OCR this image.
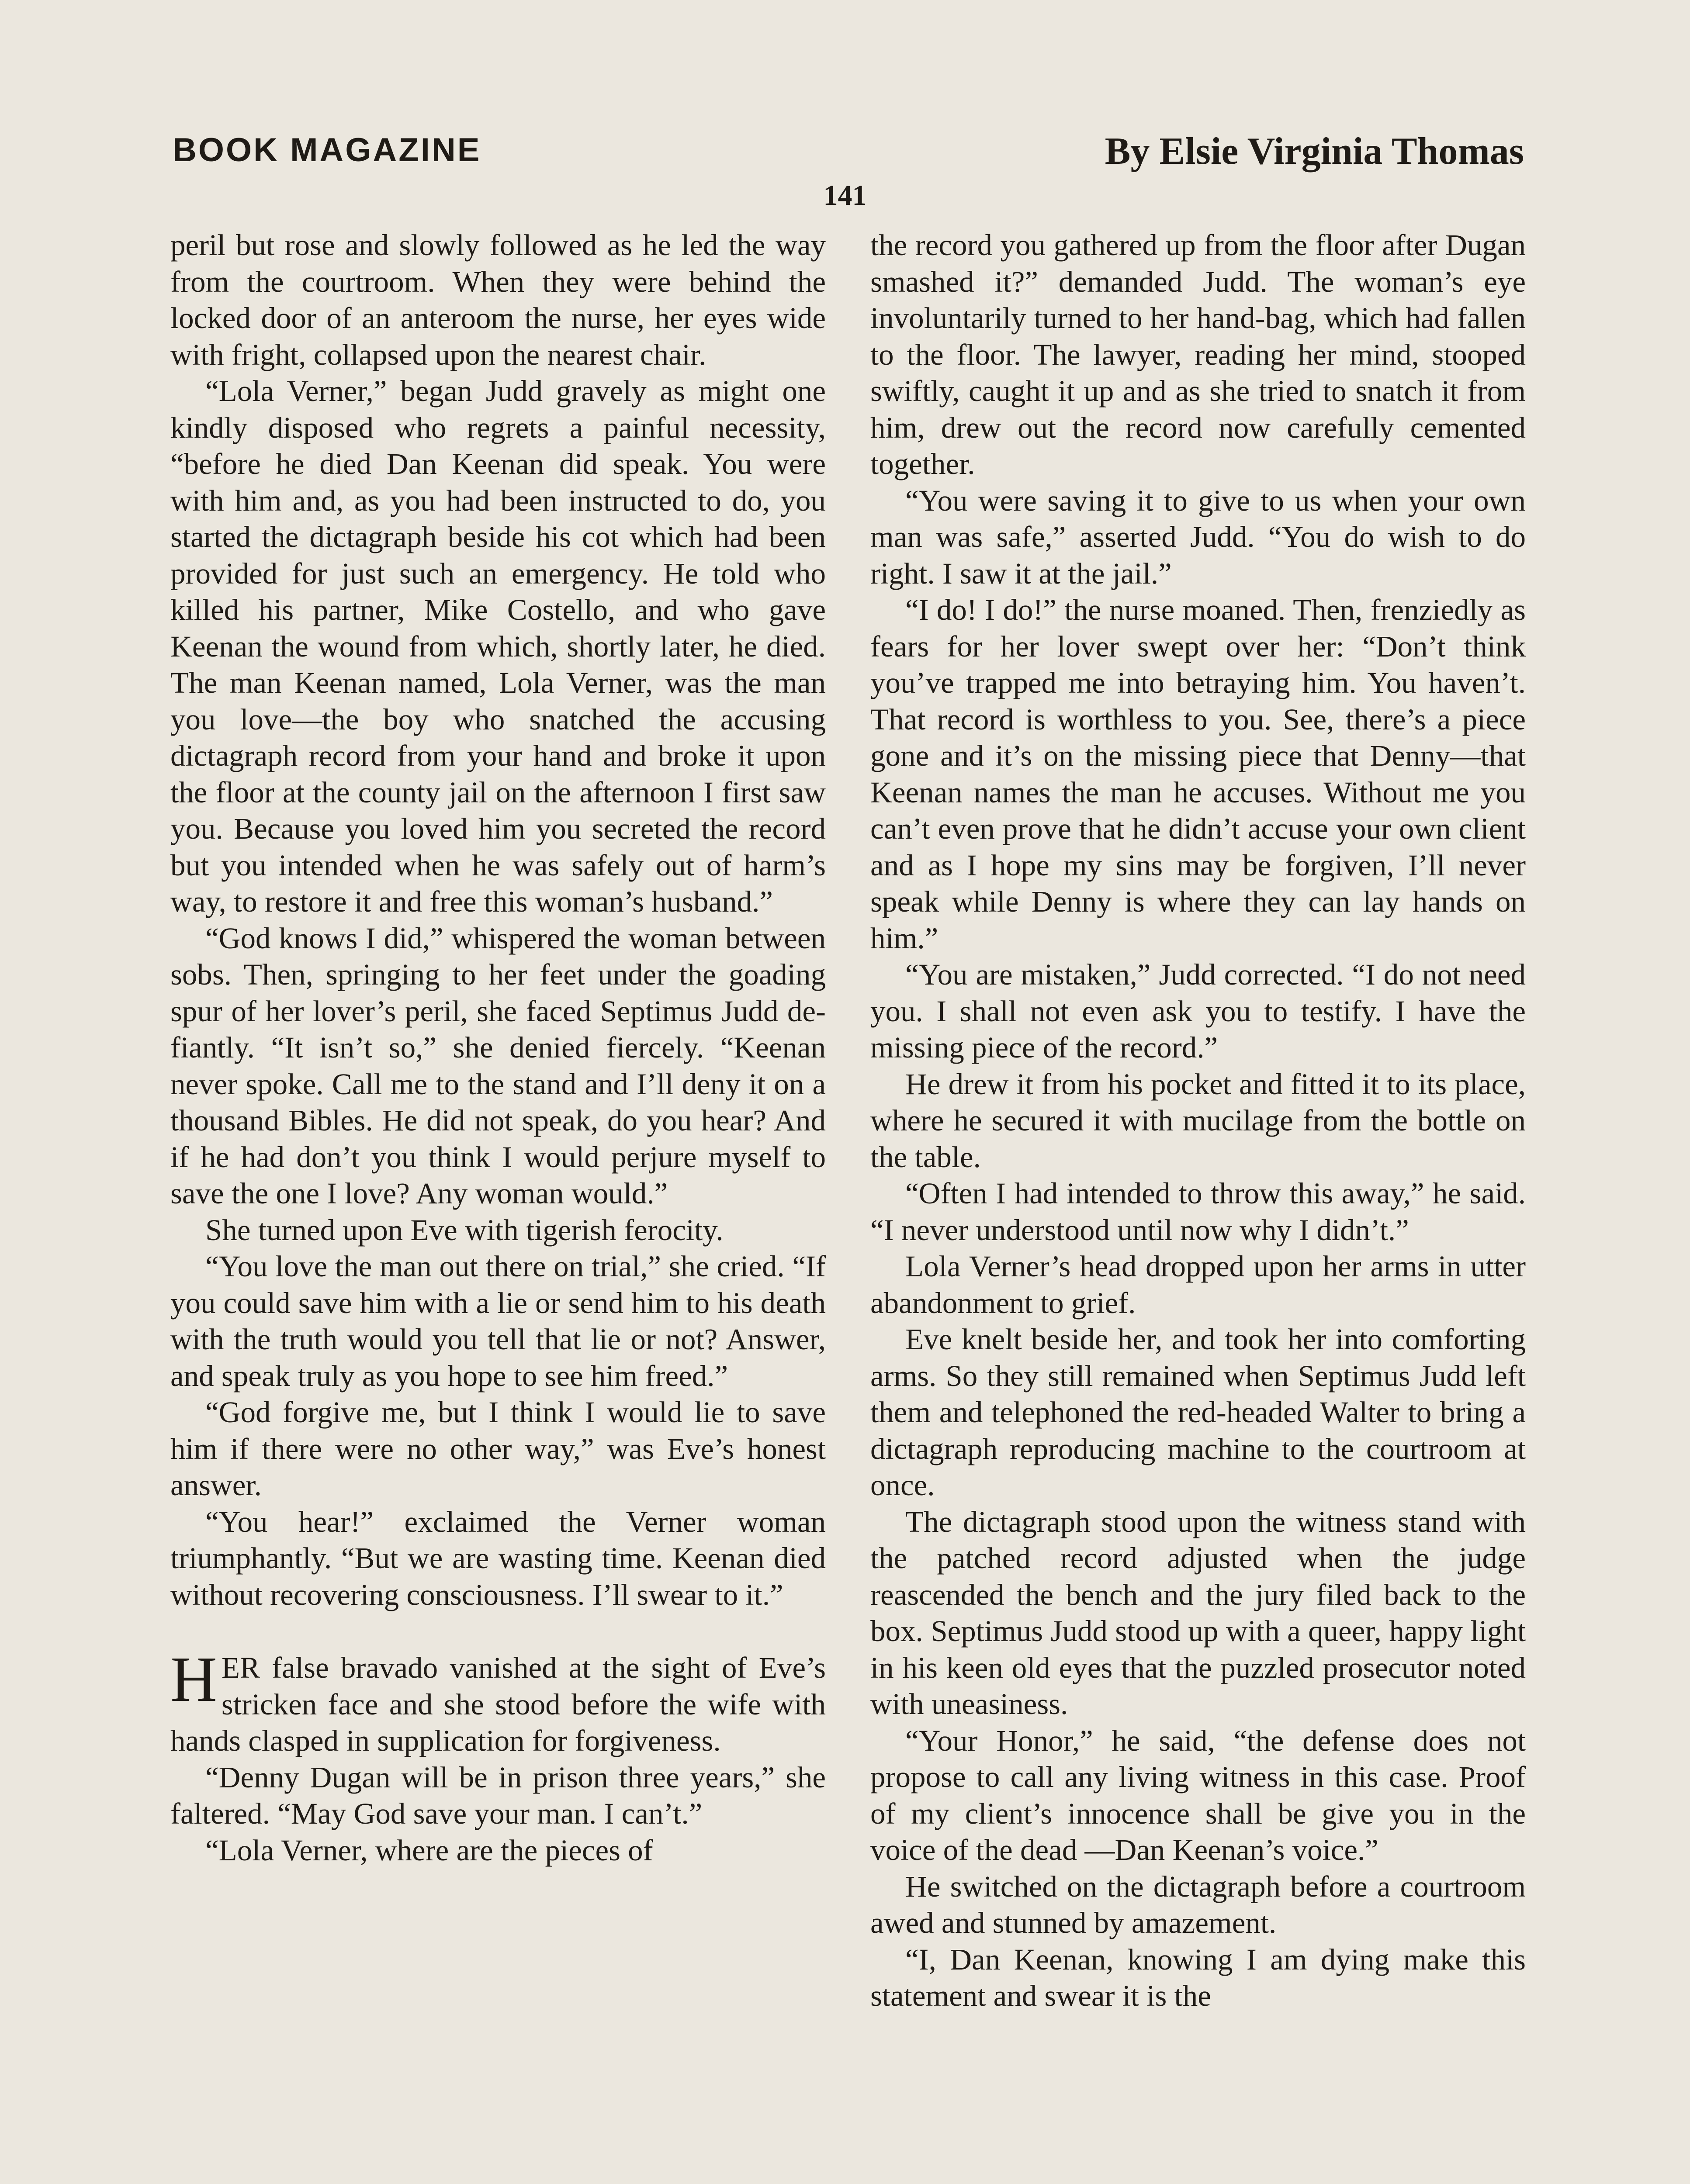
BOOK MAGAZINE	By Elsie Virginia Thomas
141

peril but rose and slowly followed as he led the way from the courtroom. When they were behind the locked door of an anteroom the nurse, her eyes wide with fright, collapsed upon the nearest chair.

“Lola Verner,” began Judd gravely as might one kindly disposed who regrets a painful necessity, “before he died Dan Keenan did speak. You were with him and, as you had been instructed to do, you started the dictagraph beside his cot which had been provided for just such an emergency. He told who killed his partner, Mike Costello, and who gave Keenan the wound from which, shortly later, he died. The man Keenan named, Lola Verner, was the man you love—the boy who snatched the accusing dictagraph record from your hand and broke it upon the floor at the county jail on the afternoon I first saw you. Because you loved him you secreted the record but you intended when he was safely out of harm’s way, to restore it and free this woman’s husband.”

“God knows I did,” whispered the woman between sobs. Then, springing to her feet under the goading spur of her lover’s peril, she faced Septimus Judd defiantly. “It isn’t so,” she denied fiercely. “Keenan never spoke. Call me to the stand and I’ll deny it on a thousand Bibles. He did not speak, do you hear? And if he had don’t you think I would perjure myself to save the one I love? Any woman would.”

She turned upon Eve with tigerish ferocity.

“You love the man out there on trial,” she cried. “If you could save him with a lie or send him to his death with the truth would you tell that lie or not? Answer, and speak truly as you hope to see him freed.”

“God forgive me, but I think I would lie to save him if there were no other way,” was Eve’s honest answer.

“You hear!” exclaimed the Verner woman triumphantly. “But we are wasting time. Keenan died without recovering consciousness. I’ll swear to it.”

HER false bravado vanished at the sight of Eve’s stricken face and she stood before the wife with hands clasped in supplication for forgiveness.

“Denny Dugan will be in prison three years,” she faltered. “May God save your man. I can’t.”

“Lola Verner, where are the pieces of

the record you gathered up from the floor after Dugan smashed it?” demanded Judd. The woman’s eye involuntarily turned to her hand-bag, which had fallen to the floor. The lawyer, reading her mind, stooped swiftly, caught it up and as she tried to snatch it from him, drew out the record now carefully cemented together.

“You were saving it to give to us when your own man was safe,” asserted Judd. “You do wish to do right. I saw it at the jail.”

“I do! I do!” the nurse moaned. Then, frenziedly as fears for her lover swept over her: “Don’t think you’ve trapped me into betraying him. You haven’t. That record is worthless to you. See, there’s a piece gone and it’s on the missing piece that Denny—that Keenan names the man he accuses. Without me you can’t even prove that he didn’t accuse your own client and as I hope my sins may be forgiven, I’ll never speak while Denny is where they can lay hands on him.”

“You are mistaken,” Judd corrected. “I do not need you. I shall not even ask you to testify. I have the missing piece of the record.”

He drew it from his pocket and fitted it to its place, where he secured it with mucilage from the bottle on the table.

“Often I had intended to throw this away,” he said. “I never understood until now why I didn’t.”

Lola Verner’s head dropped upon her arms in utter abandonment to grief.

Eve knelt beside her, and took her into comforting arms. So they still remained when Septimus Judd left them and telephoned the red-headed Walter to bring a dictagraph reproducing machine to the courtroom at once.

The dictagraph stood upon the witness stand with the patched record adjusted when the judge reascended the bench and the jury filed back to the box. Septimus Judd stood up with a queer, happy light in his keen old eyes that the puzzled prosecutor noted with uneasiness.

“Your Honor,” he said, “the defense does not propose to call any living witness in this case. Proof of my client’s innocence shall be give you in the voice of the dead —Dan Keenan’s voice.”

He switched on the dictagraph before a courtroom awed and stunned by amazement.

“I, Dan Keenan, knowing I am dying make this statement and swear it is the
